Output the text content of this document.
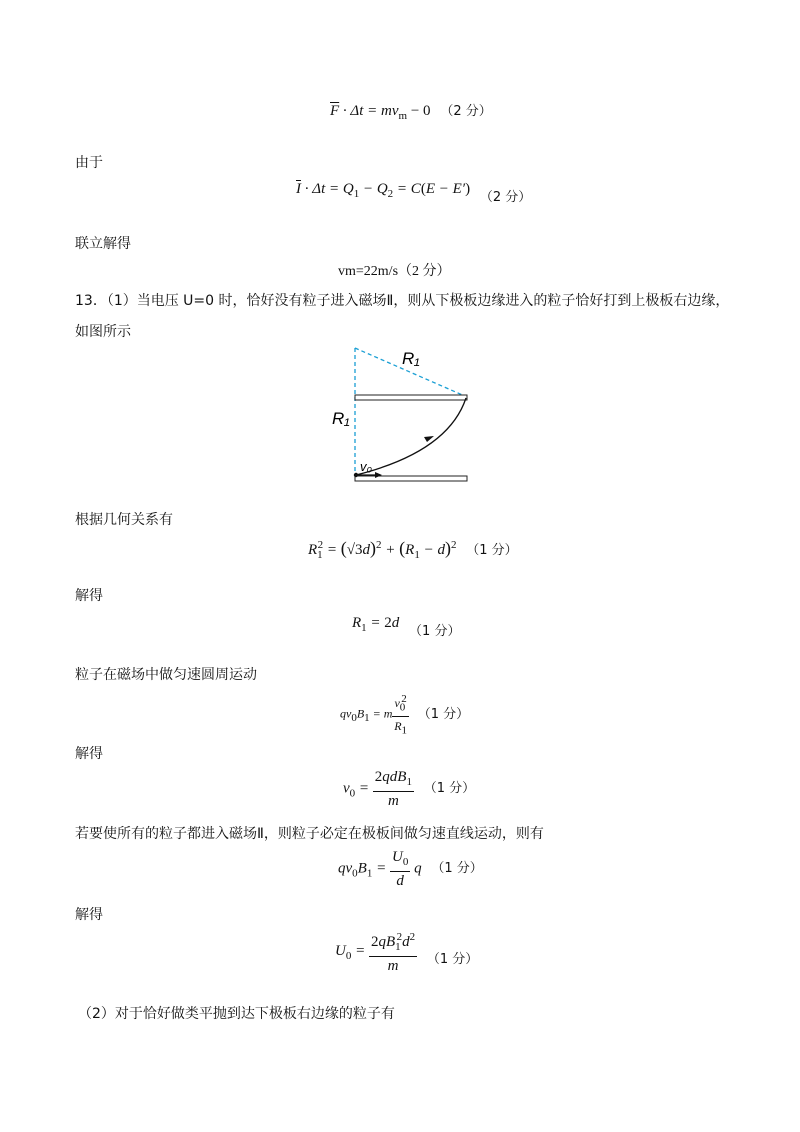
$\overline{F} \cdot \Delta t = mv_m - 0$ （2 分）
由于
$\overline{I} \cdot \Delta t = Q_1 - Q_2 = C(E - E')$ （2 分）
联立解得
vm=22m/s（2 分）
13．（1）当电压 U=0 时，恰好没有粒子进入磁场Ⅱ，则从下极板边缘进入的粒子恰好打到上极板右边缘，
如图所示
R₁
R₁
v₀
根据几何关系有
$R_1^2 = (√3d)^2 + (R_1 - d)^2$ （1 分）
解得
$R_1 = 2d$ （1 分）
粒子在磁场中做匀速圆周运动
$qv_0B_1 = m \frac{v_0^2}{R_1} (1$ 分）
解得
$v_0 = \frac{2qdB_1}{m} (1$ 分）
若要使所有的粒子都进入磁场Ⅱ，则粒子必定在极板间做匀速直线运动，则有
$qv_0B_1 = \frac{U_0}{d}$ q （1 分）
解得
$U_0 = \frac{2qB_1^2d^2}{m} (1$ 分）
（2）对于恰好做类平抛到达下极板右边缘的粒子有
